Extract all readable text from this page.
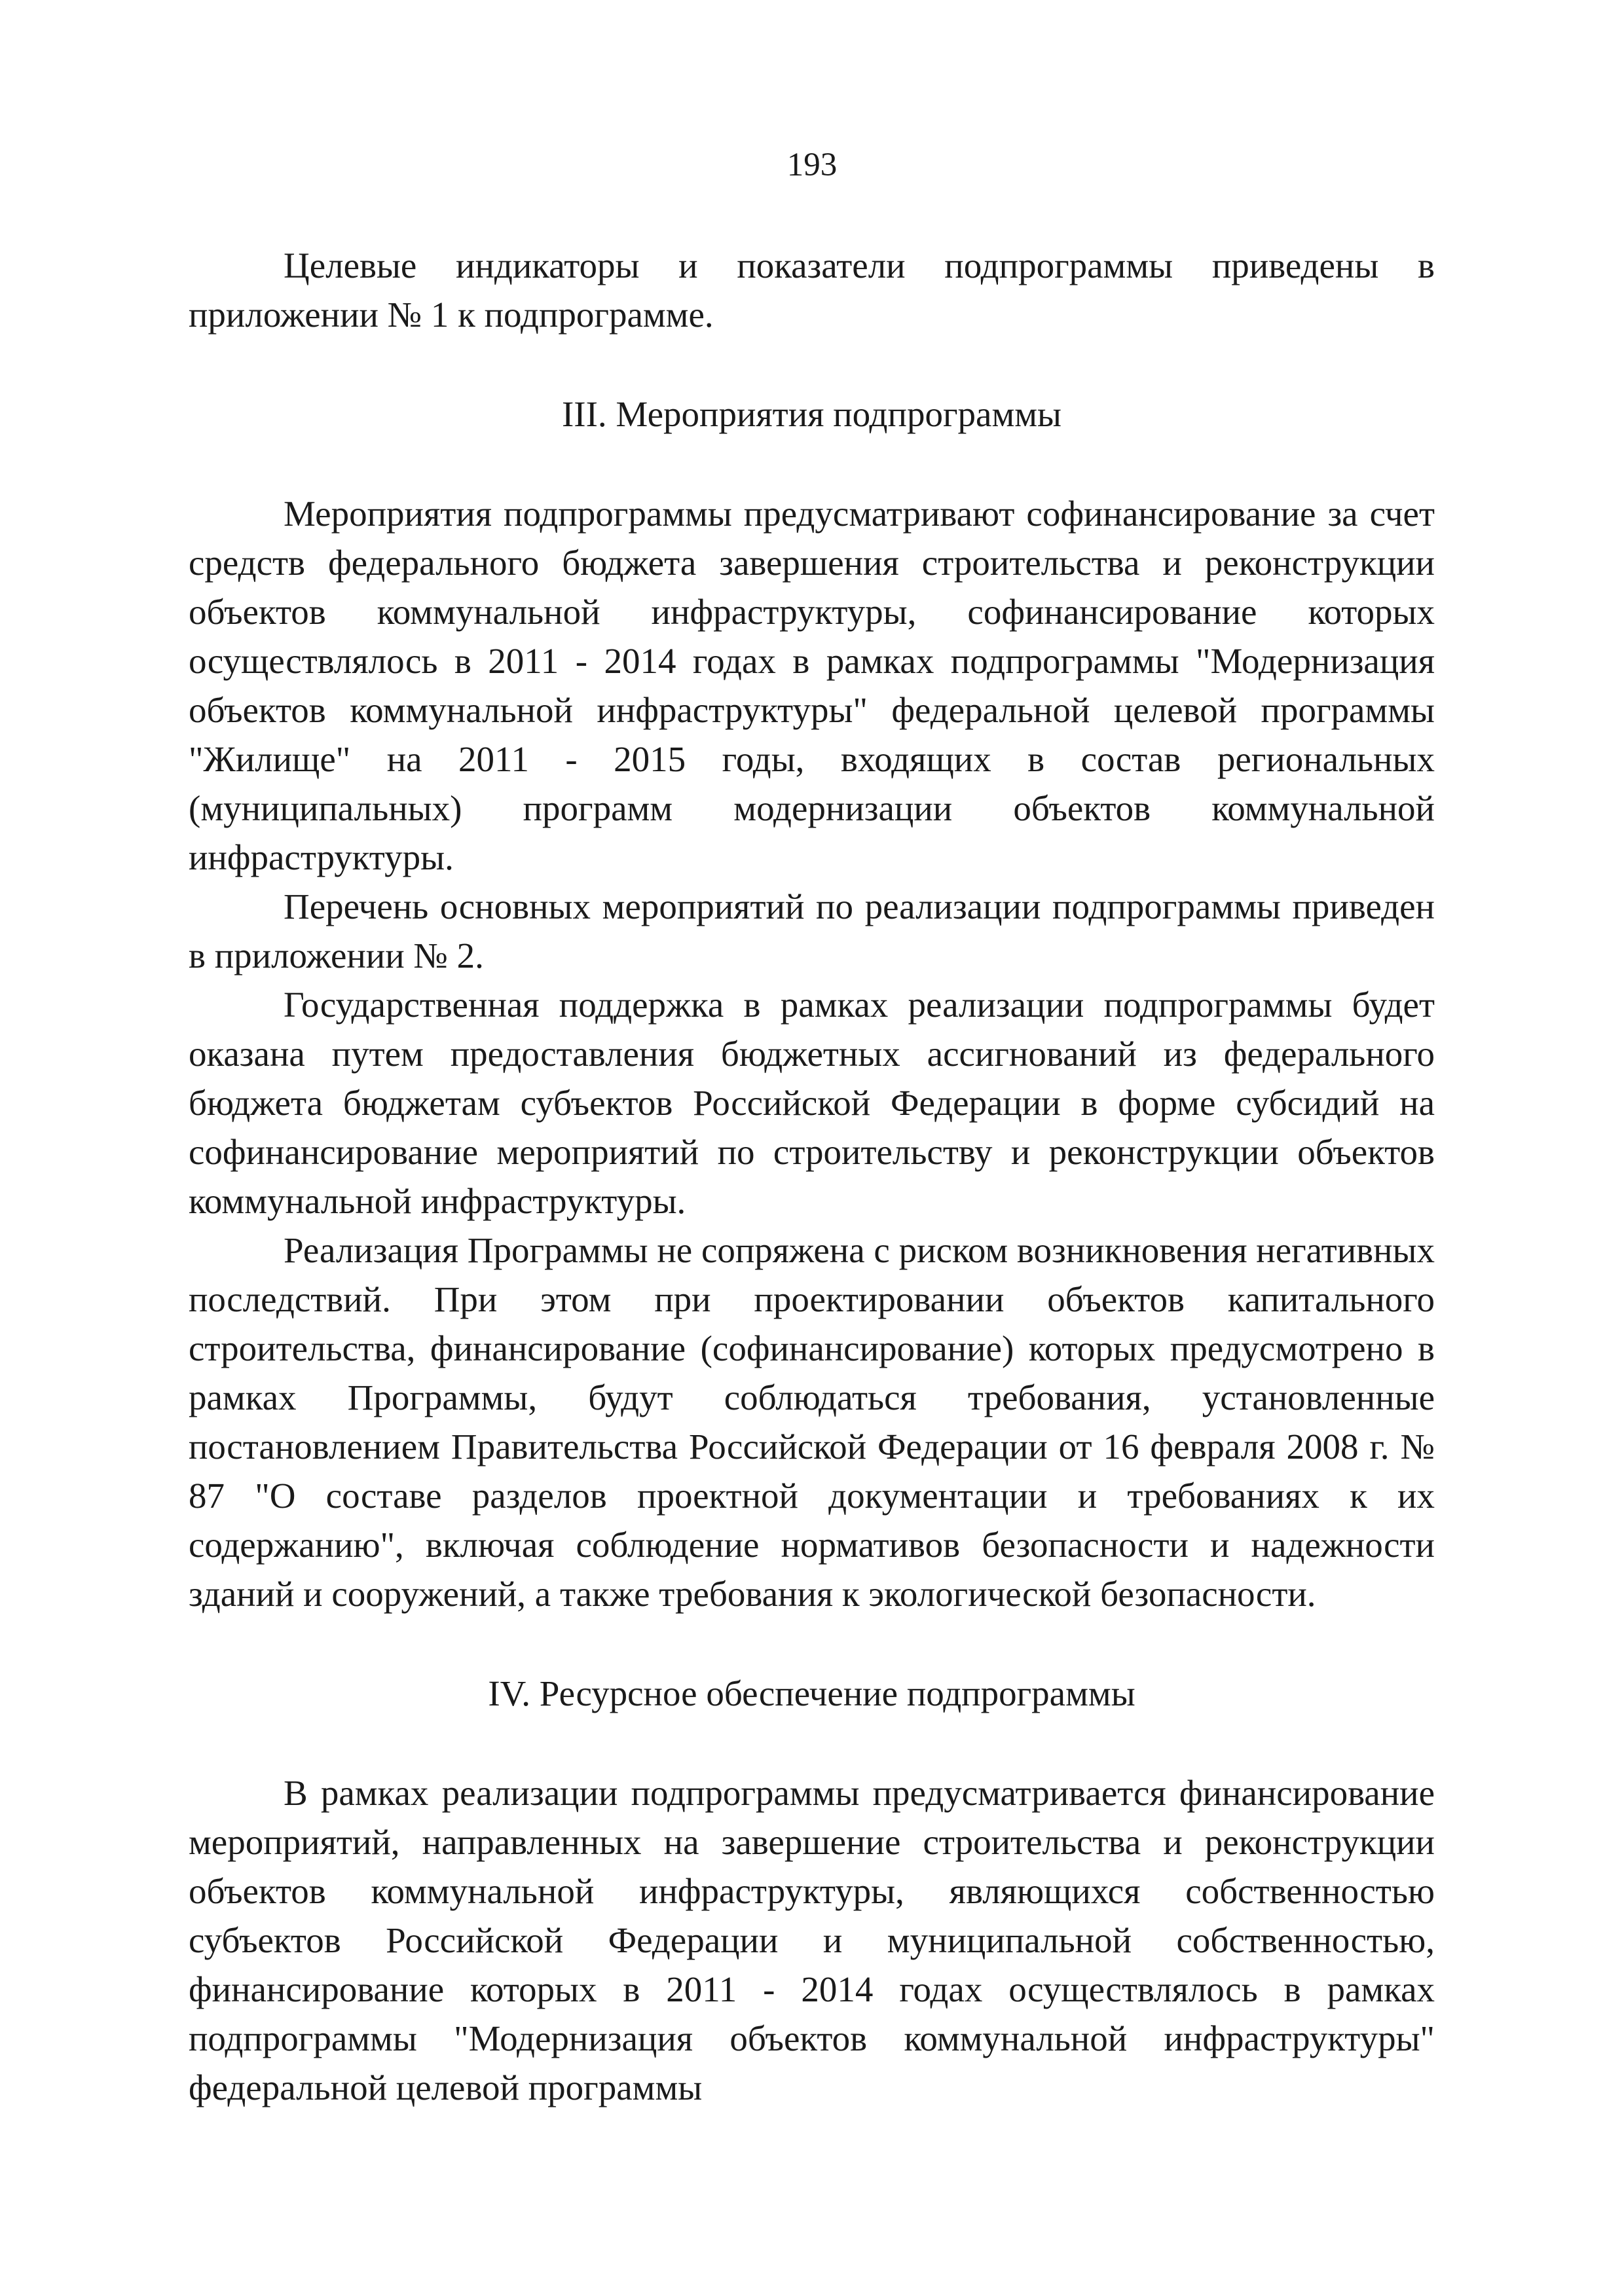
193

Целевые индикаторы и показатели подпрограммы приведены в приложении № 1 к подпрограмме.

III. Мероприятия подпрограммы

Мероприятия подпрограммы предусматривают софинансирование за счет средств федерального бюджета завершения строительства и реконструкции объектов коммунальной инфраструктуры, софинансирование которых осуществлялось в 2011 - 2014 годах в рамках подпрограммы "Модернизация объектов коммунальной инфраструктуры" федеральной целевой программы "Жилище" на 2011 - 2015 годы, входящих в состав региональных (муниципальных) программ модернизации объектов коммунальной инфраструктуры.

Перечень основных мероприятий по реализации подпрограммы приведен в приложении № 2.

Государственная поддержка в рамках реализации подпрограммы будет оказана путем предоставления бюджетных ассигнований из федерального бюджета бюджетам субъектов Российской Федерации в форме субсидий на софинансирование мероприятий по строительству и реконструкции объектов коммунальной инфраструктуры.

Реализация Программы не сопряжена с риском возникновения негативных последствий. При этом при проектировании объектов капитального строительства, финансирование (софинансирование) которых предусмотрено в рамках Программы, будут соблюдаться требования, установленные постановлением Правительства Российской Федерации от 16 февраля 2008 г. № 87 "О составе разделов проектной документации и требованиях к их содержанию", включая соблюдение нормативов безопасности и надежности зданий и сооружений, а также требования к экологической безопасности.

IV. Ресурсное обеспечение подпрограммы

В рамках реализации подпрограммы предусматривается финансирование мероприятий, направленных на завершение строительства и реконструкции объектов коммунальной инфраструктуры, являющихся собственностью субъектов Российской Федерации и муниципальной собственностью, финансирование которых в 2011 - 2014 годах осуществлялось в рамках подпрограммы "Модернизация объектов коммунальной инфраструктуры" федеральной целевой программы
